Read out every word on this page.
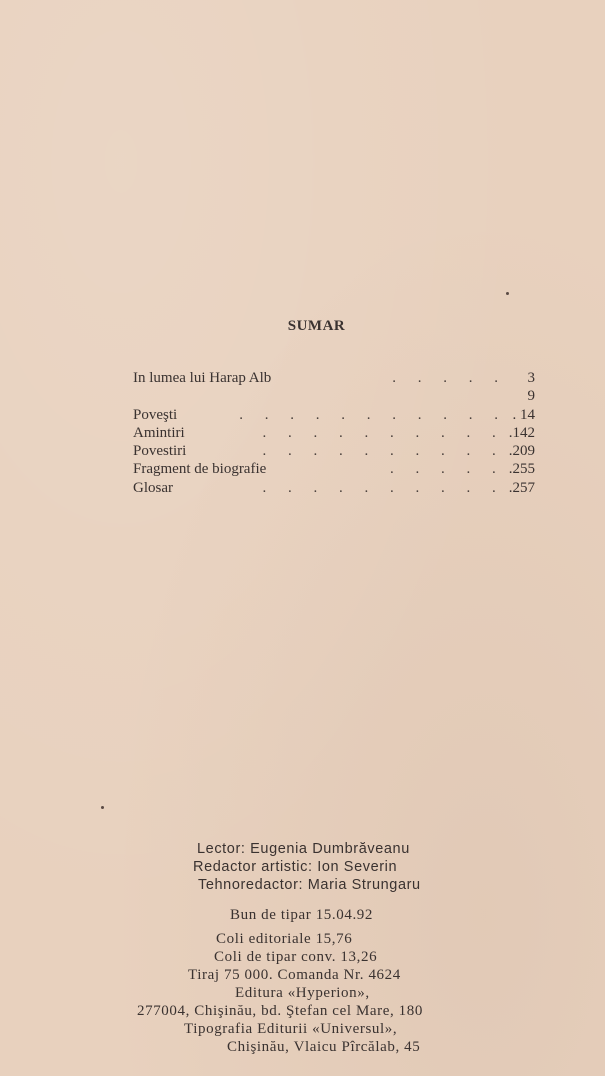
SUMAR
In lumea lui Harap Alb	. . . . .	3
9
Poveşti	. . . . . . . . . . . . 14
Amintiri	. . . . . . . . . . .142
Povestiri	. . . . . . . . . . .209
Fragment de biografie	. . . . . .255
Glosar	. . . . . . . . . . .257
Lector: Eugenia Dumbrăveanu
Redactor artistic: Ion Severin
Tehnoredactor: Maria Strungaru
Bun de tipar 15.04.92
Coli editoriale 15,76
Coli de tipar conv. 13,26
Tiraj 75 000. Comanda Nr. 4624
Editura «Hyperion»,
277004, Chişinău, bd. Ştefan cel Mare, 180
Tipografia Editurii «Universul»,
Chişinău, Vlaicu Pîrcălab, 45
